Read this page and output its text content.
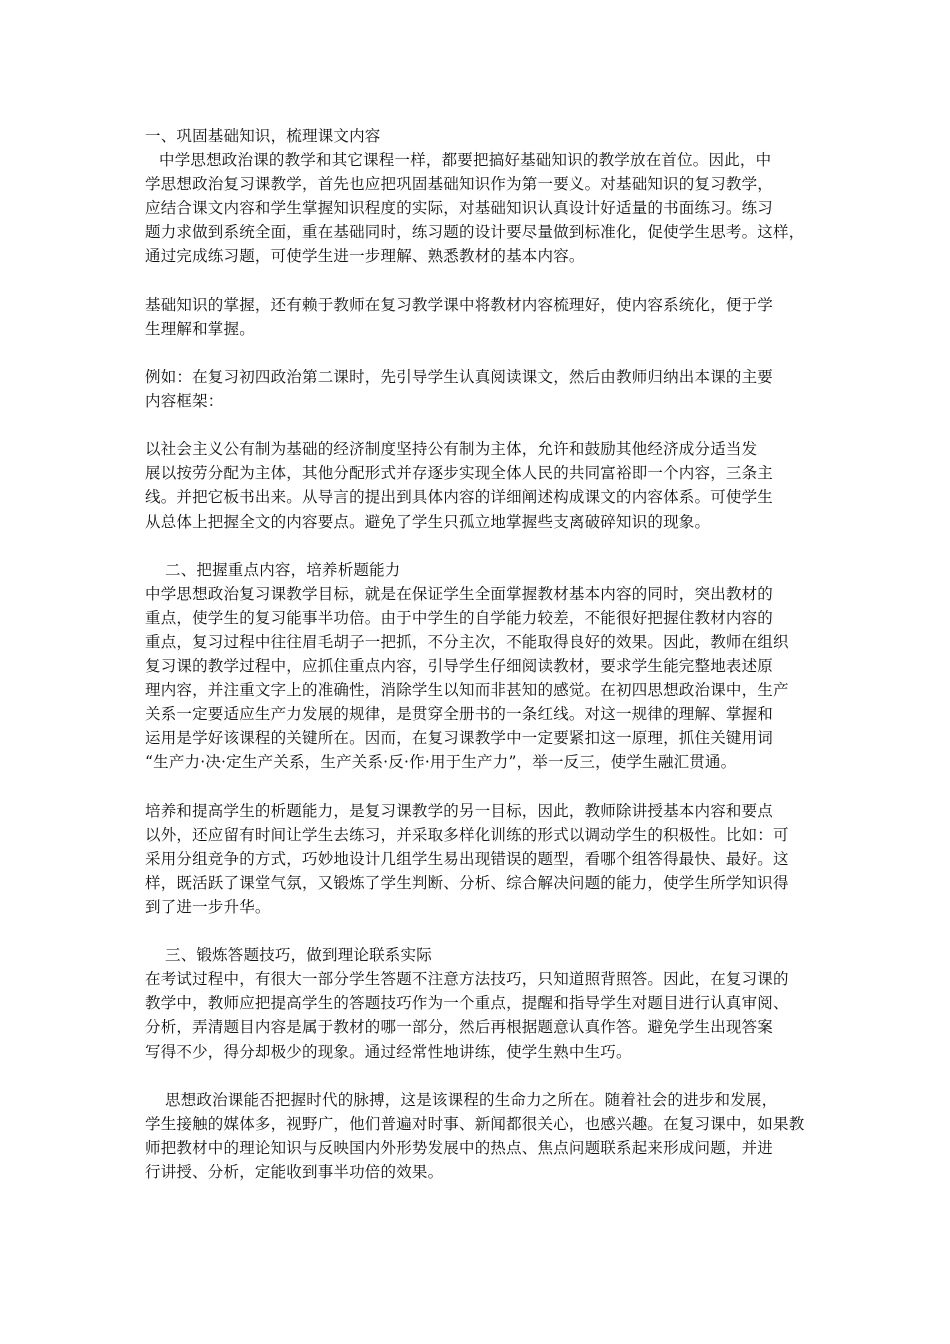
一、巩固基础知识，梳理课文内容
中学思想政治课的教学和其它课程一样，都要把搞好基础知识的教学放在首位。因此，中
学思想政治复习课教学，首先也应把巩固基础知识作为第一要义。对基础知识的复习教学，
应结合课文内容和学生掌握知识程度的实际，对基础知识认真设计好适量的书面练习。练习
题力求做到系统全面，重在基础同时，练习题的设计要尽量做到标准化，促使学生思考。这样，
通过完成练习题，可使学生进一步理解、熟悉教材的基本内容。
基础知识的掌握，还有赖于教师在复习教学课中将教材内容梳理好，使内容系统化，便于学
生理解和掌握。
例如：在复习初四政治第二课时，先引导学生认真阅读课文，然后由教师归纳出本课的主要
内容框架：
以社会主义公有制为基础的经济制度坚持公有制为主体，允许和鼓励其他经济成分适当发
展以按劳分配为主体，其他分配形式并存逐步实现全体人民的共同富裕即一个内容，三条主
线。并把它板书出来。从导言的提出到具体内容的详细阐述构成课文的内容体系。可使学生
从总体上把握全文的内容要点。避免了学生只孤立地掌握些支离破碎知识的现象。
二、把握重点内容，培养析题能力
中学思想政治复习课教学目标，就是在保证学生全面掌握教材基本内容的同时，突出教材的
重点，使学生的复习能事半功倍。由于中学生的自学能力较差，不能很好把握住教材内容的
重点，复习过程中往往眉毛胡子一把抓，不分主次，不能取得良好的效果。因此，教师在组织
复习课的教学过程中，应抓住重点内容，引导学生仔细阅读教材，要求学生能完整地表述原
理内容，并注重文字上的准确性，消除学生以知而非甚知的感觉。在初四思想政治课中，生产
关系一定要适应生产力发展的规律，是贯穿全册书的一条红线。对这一规律的理解、掌握和
运用是学好该课程的关键所在。因而，在复习课教学中一定要紧扣这一原理，抓住关键用词
“生产力·决·定生产关系，生产关系·反·作·用于生产力”，举一反三，使学生融汇贯通。
培养和提高学生的析题能力，是复习课教学的另一目标，因此，教师除讲授基本内容和要点
以外，还应留有时间让学生去练习，并采取多样化训练的形式以调动学生的积极性。比如：可
采用分组竞争的方式，巧妙地设计几组学生易出现错误的题型，看哪个组答得最快、最好。这
样，既活跃了课堂气氛，又锻炼了学生判断、分析、综合解决问题的能力，使学生所学知识得
到了进一步升华。
三、锻炼答题技巧，做到理论联系实际
在考试过程中，有很大一部分学生答题不注意方法技巧，只知道照背照答。因此，在复习课的
教学中，教师应把提高学生的答题技巧作为一个重点，提醒和指导学生对题目进行认真审阅、
分析，弄清题目内容是属于教材的哪一部分，然后再根据题意认真作答。避免学生出现答案
写得不少，得分却极少的现象。通过经常性地讲练，使学生熟中生巧。
思想政治课能否把握时代的脉搏，这是该课程的生命力之所在。随着社会的进步和发展，
学生接触的媒体多，视野广，他们普遍对时事、新闻都很关心，也感兴趣。在复习课中，如果教
师把教材中的理论知识与反映国内外形势发展中的热点、焦点问题联系起来形成问题，并进
行讲授、分析，定能收到事半功倍的效果。
